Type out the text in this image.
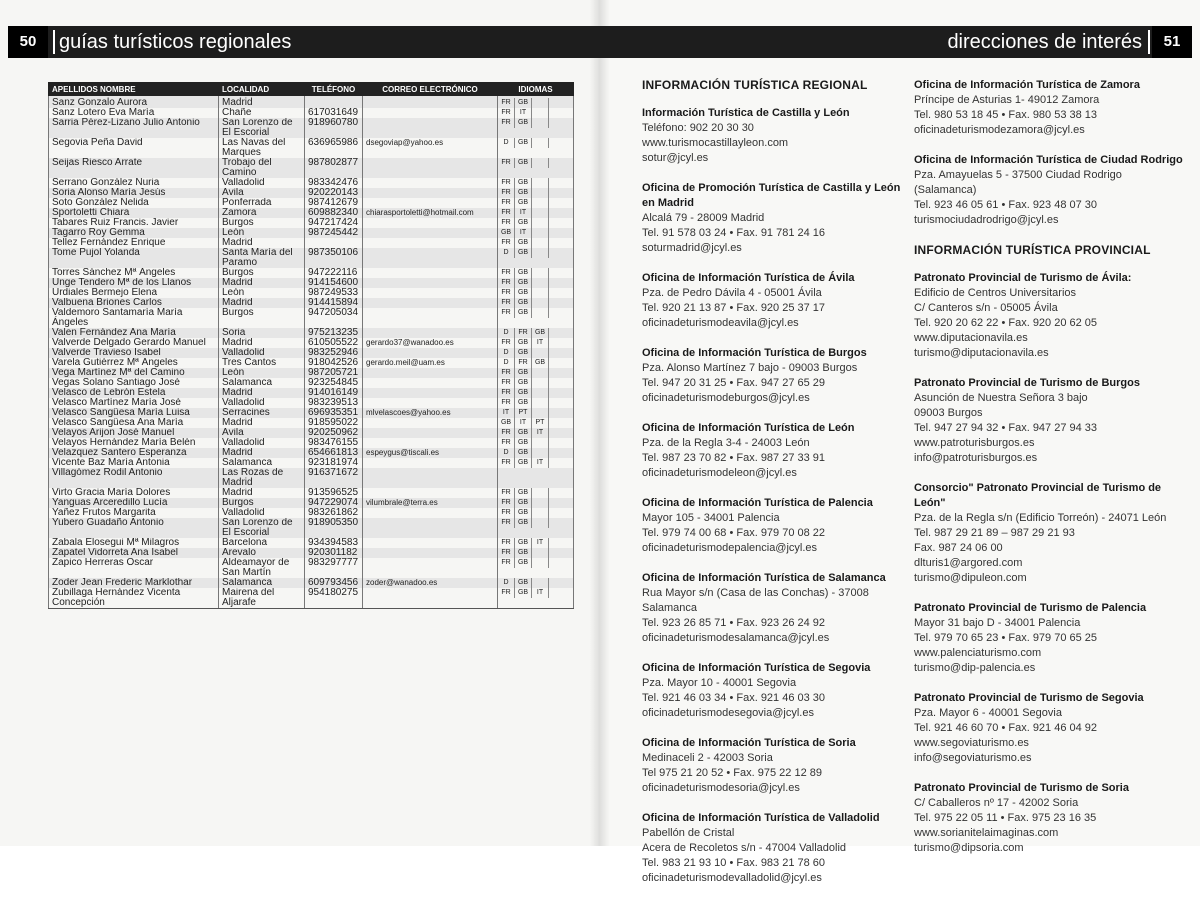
50	guías turísticos regionales	direcciones de interés	51
APELLIDOS NOMBRE	LOCALIDAD	TELÉFONO	CORREO ELECTRÓNICO	IDIOMAS
Sanz Gonzalo Aurora	Madrid			FR GB

Sanz Lotero Eva María	Chañe	617031649		FR IT

Sarria Pérez-Lizano Julio Antonio	San Lorenzo de El Escorial	918960780		FR GB

Segovia Peña David	Las Navas del Marques	636965986	dsegoviap@yahoo.es	D GB

Seijas Riesco Arrate	Trobajo del Camino	987802877		FR GB

Serrano González Nuria	Valladolid	983342476		FR GB

Soria Alonso María Jesús	Ávila	920220143		FR GB

Soto González Nelida	Ponferrada	987412679		FR GB

Sportoletti Chiara	Zamora	609882340	chiarasportoletti@hotmail.com	FR IT

Tabares Ruiz Francis. Javier	Burgos	947217424		FR GB

Tagarro Roy Gemma	León	987245442		GB IT

Tellez Fernández Enrique	Madrid			FR GB

Tome Pujol Yolanda	Santa María del Paramo	987350106		D GB

Torres Sánchez Mª Ángeles	Burgos	947222116		FR GB

Unge Tendero Mª de los Llanos	Madrid	914154600		FR GB

Urdiales Bermejo Elena	León	987249533		FR GB

Valbuena Briones Carlos	Madrid	914415894		FR GB

Valdemoro Santamaría María Ángeles	Burgos	947205034		FR GB

Valen Fernández Ana María	Soria	975213235		D FR GB

Valverde Delgado Gerardo Manuel	Madrid	610505522	gerardo37@wanadoo.es	FR GB IT

Valverde Travieso Isabel	Valladolid	983252946		D GB

Varela Gutiérrez Mª Ángeles	Tres Cantos	918042526	gerardo.meil@uam.es	D FR GB

Vega Martínez Mª del Camino	León	987205721		FR GB

Vegas Solano Santiago José	Salamanca	923254845		FR GB

Velasco de Lebrón Estela	Madrid	914016149		FR GB

Velasco Martínez María José	Valladolid	983239513		FR GB

Velasco Sangüesa María Luisa	Serracines	696935351	mlvelascoes@yahoo.es	IT PT

Velasco Sangüesa Ana María	Madrid	918595022		GB IT PT

Velayos Arijon José Manuel	Ávila	920250962		FR GB IT

Velayos Hernández María Belén	Valladolid	983476155		FR GB

Velazquez Santero Esperanza	Madrid	654661813	espeygus@tiscali.es	D GB

Vicente Baz María Antonia	Salamanca	923181974		FR GB IT

Villagómez Rodil Antonio	Las Rozas de Madrid	916371672		

Virto Gracia María Dolores	Madrid	913596525		FR GB

Yanguas Arceredillo Lucía	Burgos	947229074	vilumbrale@terra.es	FR GB

Yañez Frutos Margarita	Valladolid	983261862		FR GB

Yubero Guadaño Antonio	San Lorenzo de El Escorial	918905350		FR GB

Zabala Elosegui Mª Milagros	Barcelona	934394583		FR GB IT

Zapatel Vidorreta Ana Isabel	Arevalo	920301182		FR GB

Zapico Herreras Oscar	Aldeamayor de San Martín	983297777		FR GB

Zoder Jean Frederic Marklothar	Salamanca	609793456	zoder@wanadoo.es	D GB

Zubillaga Hernández Vicenta Concepción	Mairena del Aljarafe	954180275		FR GB IT
INFORMACIÓN TURÍSTICA REGIONAL
Información Turística de Castilla y León
Teléfono: 902 20 30 30
www.turismocastillayleon.com
sotur@jcyl.es
Oficina de Promoción Turística de Castilla y León en Madrid
Alcalá 79 - 28009 Madrid
Tel. 91 578 03 24 • Fax. 91 781 24 16
soturmadrid@jcyl.es
Oficina de Información Turística de Ávila
Pza. de Pedro Dávila 4 - 05001 Ávila
Tel. 920 21 13 87 • Fax. 920 25 37 17
oficinadeturismodeavila@jcyl.es
Oficina de Información Turística de Burgos
Pza. Alonso Martínez 7 bajo - 09003 Burgos
Tel. 947 20 31 25 • Fax. 947 27 65 29
oficinadeturismodeburgos@jcyl.es
Oficina de Información Turística de León
Pza. de la Regla 3-4 - 24003 León
Tel. 987 23 70 82 • Fax. 987 27 33 91
oficinadeturismodeleon@jcyl.es
Oficina de Información Turística de Palencia
Mayor 105 - 34001 Palencia
Tel. 979 74 00 68 • Fax. 979 70 08 22
oficinadeturismodepalencia@jcyl.es
Oficina de Información Turística de Salamanca
Rua Mayor s/n (Casa de las Conchas) - 37008 Salamanca
Tel. 923 26 85 71 • Fax. 923 26 24 92
oficinadeturismodesalamanca@jcyl.es
Oficina de Información Turística de Segovia
Pza. Mayor 10 - 40001 Segovia
Tel. 921 46 03 34 • Fax. 921 46 03 30
oficinadeturismodesegovia@jcyl.es
Oficina de Información Turística de Soria
Medinaceli 2 - 42003 Soria
Tel 975 21 20 52 • Fax. 975 22 12 89
oficinadeturismodesoria@jcyl.es
Oficina de Información Turística de Valladolid
Pabellón de Cristal
Acera de Recoletos s/n - 47004 Valladolid
Tel. 983 21 93 10 • Fax. 983 21 78 60
oficinadeturismodevalladolid@jcyl.es
Oficina de Información Turística de Zamora
Príncipe de Asturias 1- 49012 Zamora
Tel. 980 53 18 45 • Fax. 980 53 38 13
oficinadeturismodezamora@jcyl.es
Oficina de Información Turística de Ciudad Rodrigo
Pza. Amayuelas 5 - 37500 Ciudad Rodrigo (Salamanca)
Tel. 923 46 05 61 • Fax. 923 48 07 30
turismociudadrodrigo@jcyl.es
INFORMACIÓN TURÍSTICA PROVINCIAL
Patronato Provincial de Turismo de Ávila:
Edificio de Centros Universitarios
C/ Canteros s/n - 05005 Ávila
Tel. 920 20 62 22 • Fax. 920 20 62 05
www.diputacionavila.es
turismo@diputacionavila.es
Patronato Provincial de Turismo de Burgos
Asunción de Nuestra Señora 3 bajo
09003 Burgos
Tel. 947 27 94 32 • Fax. 947 27 94 33
www.patroturisburgos.es
info@patroturisburgos.es
Consorcio" Patronato Provincial de Turismo de León"
Pza. de la Regla s/n (Edificio Torreón) - 24071 León
Tel. 987 29 21 89 – 987 29 21 93
Fax. 987 24 06 00
dlturis1@argored.com
turismo@dipuleon.com
Patronato Provincial de Turismo de Palencia
Mayor 31 bajo D - 34001 Palencia
Tel. 979 70 65 23 • Fax. 979 70 65 25
www.palenciaturismo.com
turismo@dip-palencia.es
Patronato Provincial de Turismo de Segovia
Pza. Mayor 6 - 40001 Segovia
Tel. 921 46 60 70 • Fax. 921 46 04 92
www.segoviaturismo.es
info@segoviaturismo.es
Patronato Provincial de Turismo de Soria
C/ Caballeros nº 17 - 42002 Soria
Tel. 975 22 05 11 • Fax. 975 23 16 35
www.sorianitelaimaginas.com
turismo@dipsoria.com
